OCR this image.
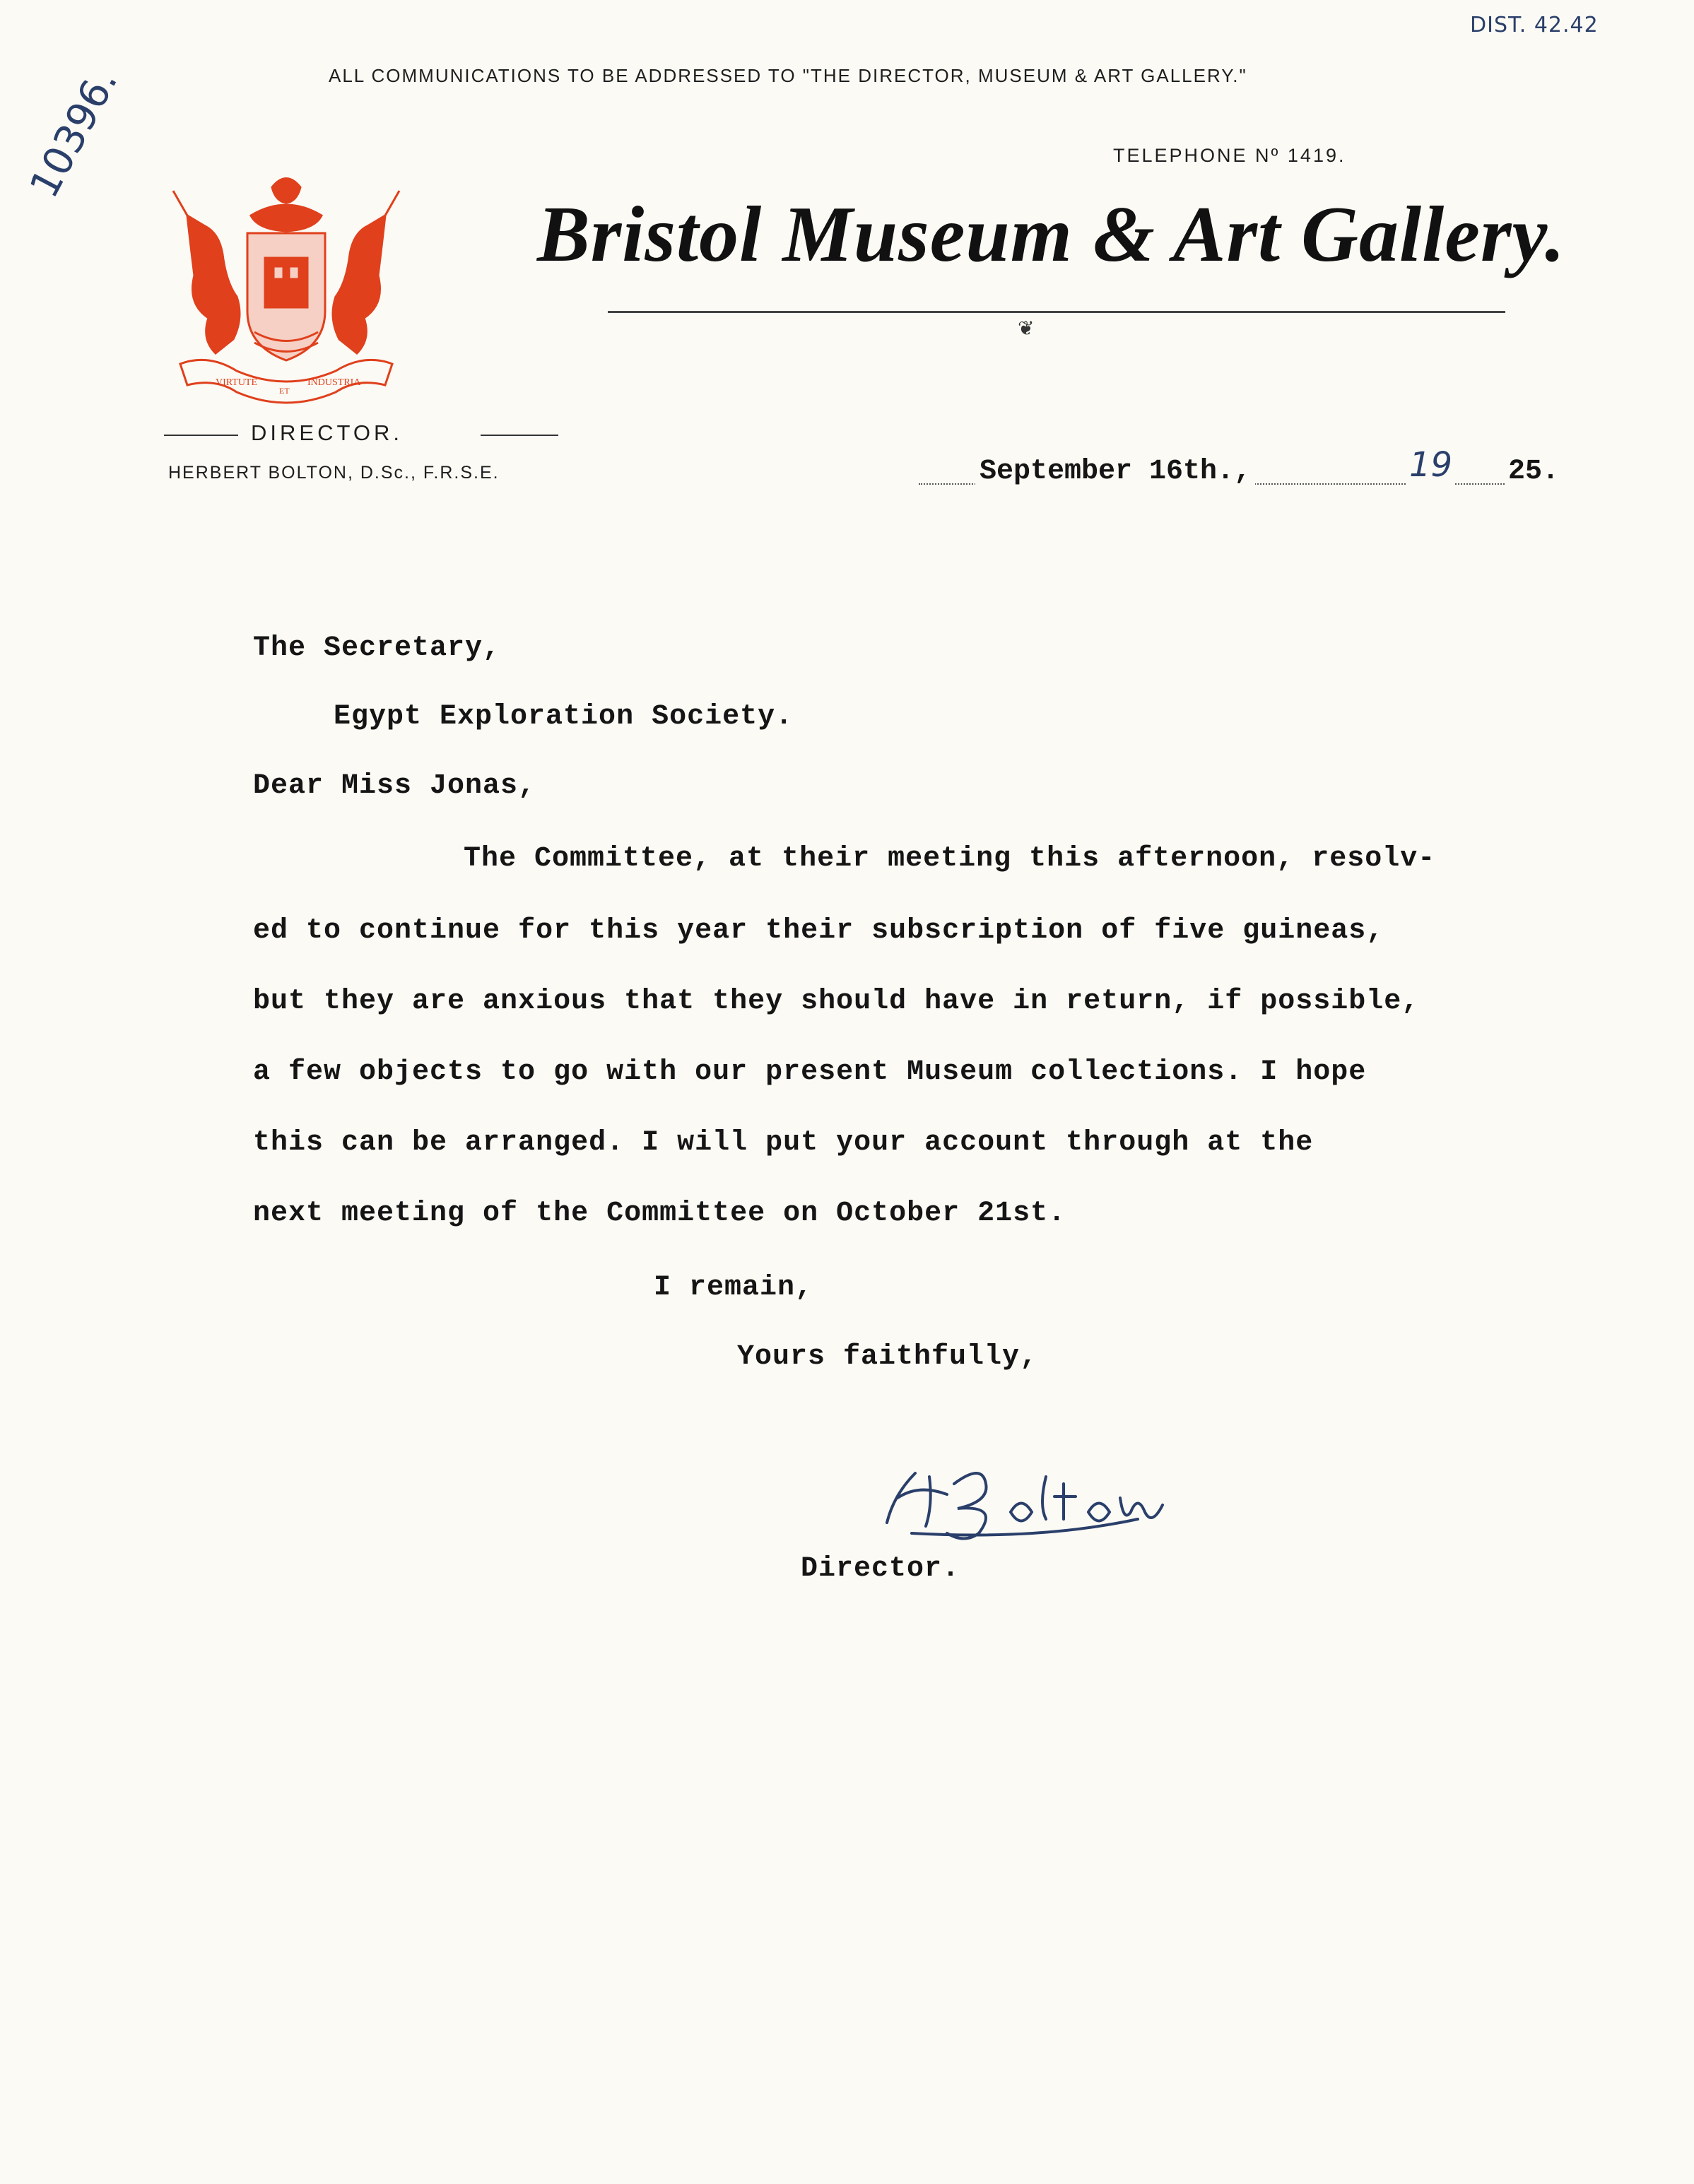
10396.
DIST. 42.42
ALL COMMUNICATIONS TO BE ADDRESSED TO "THE DIRECTOR, MUSEUM & ART GALLERY."
TELEPHONE Nº 1419.
Bristol Museum & Art Gallery.
❦
VIRTUTE
ET
INDUSTRIA
DIRECTOR.
HERBERT BOLTON, D.Sc., F.R.S.E.	September 16th.,	19 25.
The Secretary,
Egypt Exploration Society.
Dear Miss Jonas,
The Committee, at their meeting this afternoon, resolv-
ed to continue for this year their subscription of five guineas,
but they are anxious that they should have in return, if possible,
a few objects to go with our present Museum collections. I hope
this can be arranged. I will put your account through at the
next meeting of the Committee on October 21st.
I remain,
Yours faithfully,
Director.
